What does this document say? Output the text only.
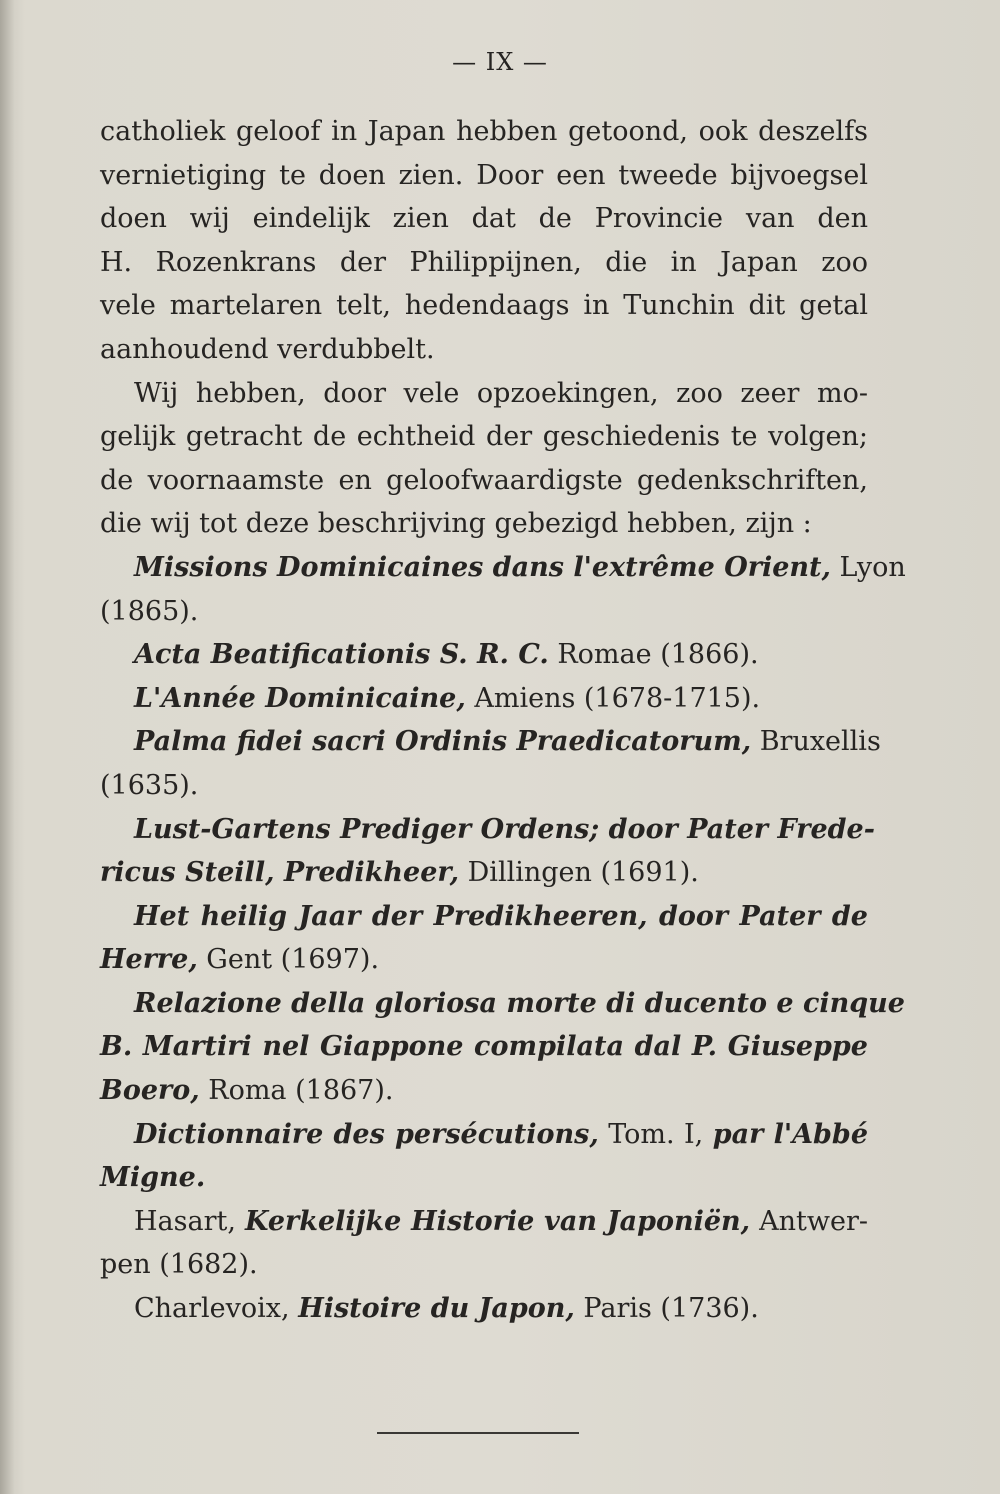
— IX —
catholiek geloof in Japan hebben getoond, ook deszelfs
vernietiging te doen zien. Door een tweede bijvoegsel
doen wij eindelijk zien dat de Provincie van den
H. Rozenkrans der Philippijnen, die in Japan zoo
vele martelaren telt, hedendaags in Tunchin dit getal
aanhoudend verdubbelt.
Wij hebben, door vele opzoekingen, zoo zeer mo-
gelijk getracht de echtheid der geschiedenis te volgen;
de voornaamste en geloofwaardigste gedenkschriften,
die wij tot deze beschrijving gebezigd hebben, zijn :
Missions Dominicaines dans l'extrême Orient, Lyon
(1865).
Acta Beatificationis S. R. C. Romae (1866).
L'Année Dominicaine, Amiens (1678-1715).
Palma fidei sacri Ordinis Praedicatorum, Bruxellis
(1635).
Lust-Gartens Prediger Ordens; door Pater Frede-
ricus Steill, Predikheer, Dillingen (1691).
Het heilig Jaar der Predikheeren, door Pater de
Herre, Gent (1697).
Relazione della gloriosa morte di ducento e cinque
B. Martiri nel Giappone compilata dal P. Giuseppe
Boero, Roma (1867).
Dictionnaire des persécutions, Tom. I, par l'Abbé
Migne.
Hasart, Kerkelijke Historie van Japoniën, Antwer-
pen (1682).
Charlevoix, Histoire du Japon, Paris (1736).
